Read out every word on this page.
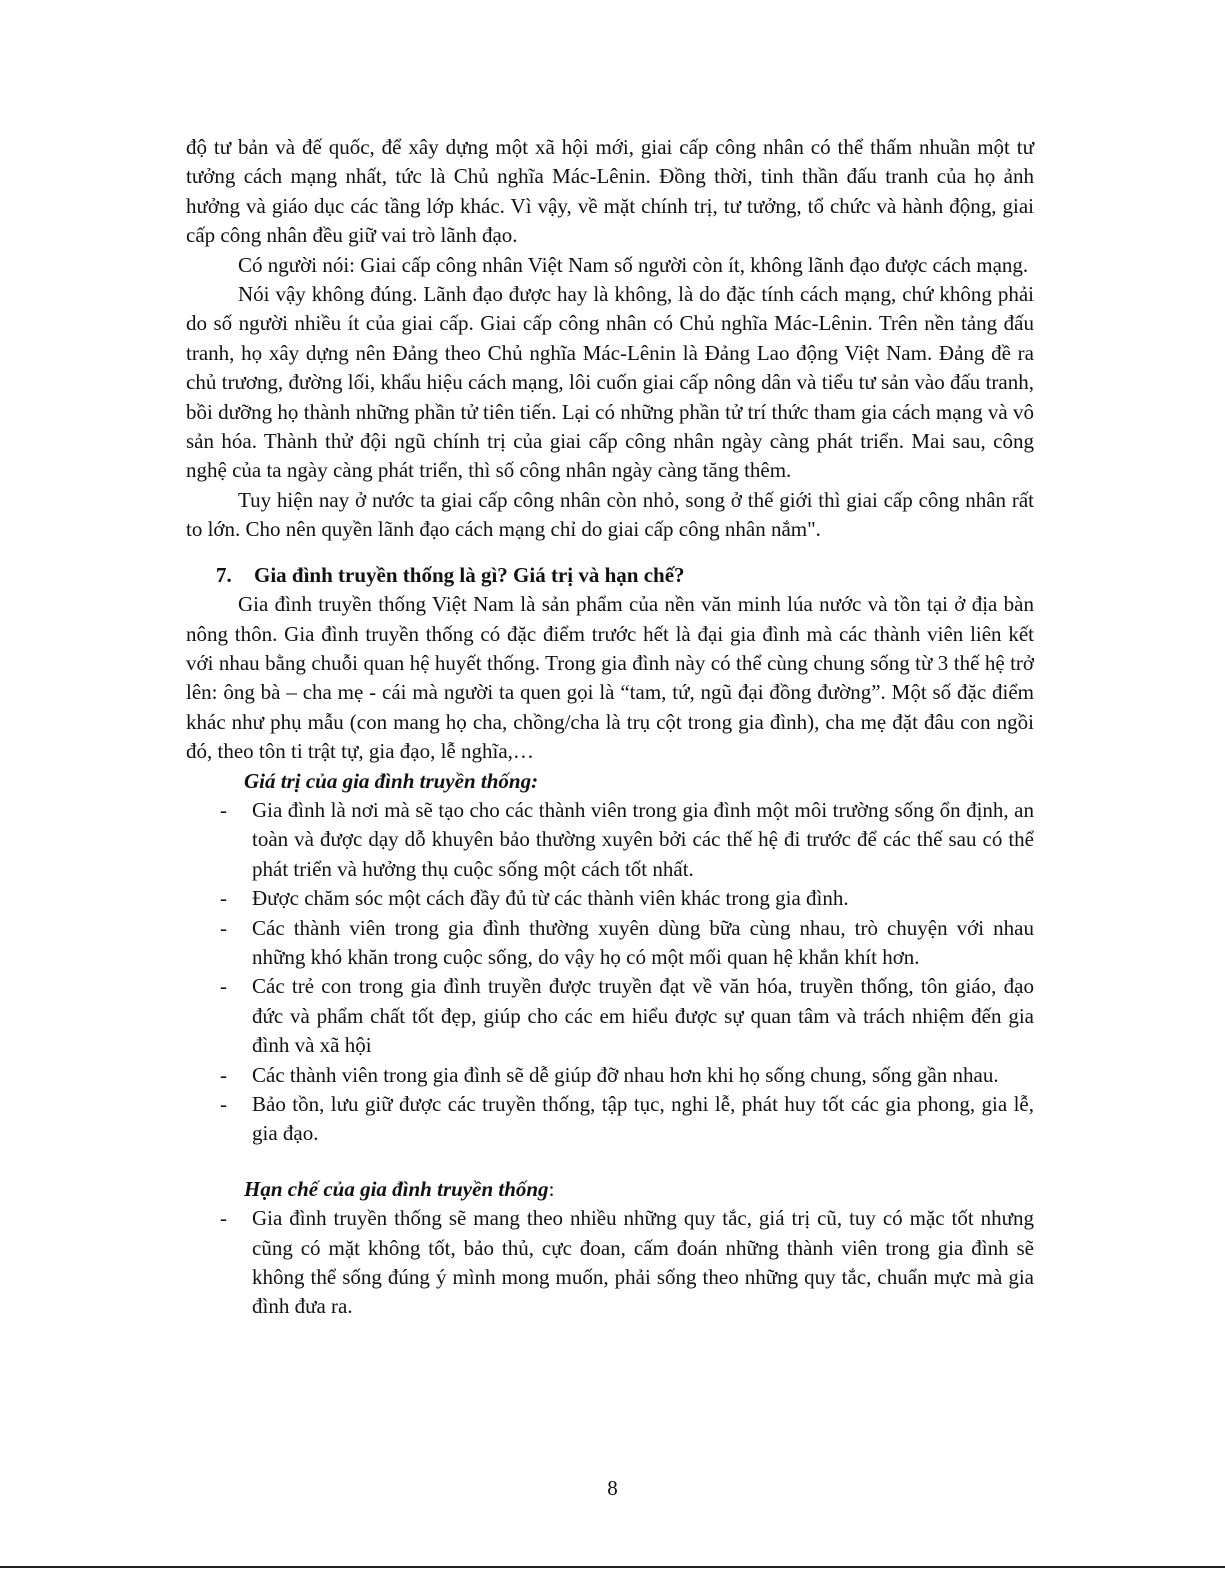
độ tư bản và đế quốc, để xây dựng một xã hội mới, giai cấp công nhân có thể thấm nhuần một tư tưởng cách mạng nhất, tức là Chủ nghĩa Mác-Lênin. Đồng thời, tinh thần đấu tranh của họ ảnh hưởng và giáo dục các tầng lớp khác. Vì vậy, về mặt chính trị, tư tưởng, tổ chức và hành động, giai cấp công nhân đều giữ vai trò lãnh đạo.

Có người nói: Giai cấp công nhân Việt Nam số người còn ít, không lãnh đạo được cách mạng.

Nói vậy không đúng. Lãnh đạo được hay là không, là do đặc tính cách mạng, chứ không phải do số người nhiều ít của giai cấp. Giai cấp công nhân có Chủ nghĩa Mác-Lênin. Trên nền tảng đấu tranh, họ xây dựng nên Đảng theo Chủ nghĩa Mác-Lênin là Đảng Lao động Việt Nam. Đảng đề ra chủ trương, đường lối, khẩu hiệu cách mạng, lôi cuốn giai cấp nông dân và tiểu tư sản vào đấu tranh, bồi dưỡng họ thành những phần tử tiên tiến. Lại có những phần tử trí thức tham gia cách mạng và vô sản hóa. Thành thử đội ngũ chính trị của giai cấp công nhân ngày càng phát triển. Mai sau, công nghệ của ta ngày càng phát triển, thì số công nhân ngày càng tăng thêm.

Tuy hiện nay ở nước ta giai cấp công nhân còn nhỏ, song ở thế giới thì giai cấp công nhân rất to lớn. Cho nên quyền lãnh đạo cách mạng chỉ do giai cấp công nhân nắm".

7. Gia đình truyền thống là gì? Giá trị và hạn chế?

Gia đình truyền thống Việt Nam là sản phẩm của nền văn minh lúa nước và tồn tại ở địa bàn nông thôn. Gia đình truyền thống có đặc điểm trước hết là đại gia đình mà các thành viên liên kết với nhau bằng chuỗi quan hệ huyết thống. Trong gia đình này có thể cùng chung sống từ 3 thế hệ trở lên: ông bà – cha mẹ - cái mà người ta quen gọi là “tam, tứ, ngũ đại đồng đường”. Một số đặc điểm khác như phụ mẫu (con mang họ cha, chồng/cha là trụ cột trong gia đình), cha mẹ đặt đâu con ngồi đó, theo tôn ti trật tự, gia đạo, lễ nghĩa,…

Giá trị của gia đình truyền thống:

- Gia đình là nơi mà sẽ tạo cho các thành viên trong gia đình một môi trường sống ổn định, an toàn và được dạy dỗ khuyên bảo thường xuyên bởi các thế hệ đi trước để các thế sau có thể phát triển và hưởng thụ cuộc sống một cách tốt nhất.
- Được chăm sóc một cách đầy đủ từ các thành viên khác trong gia đình.
- Các thành viên trong gia đình thường xuyên dùng bữa cùng nhau, trò chuyện với nhau những khó khăn trong cuộc sống, do vậy họ có một mối quan hệ khắn khít hơn.
- Các trẻ con trong gia đình truyền được truyền đạt về văn hóa, truyền thống, tôn giáo, đạo đức và phẩm chất tốt đẹp, giúp cho các em hiểu được sự quan tâm và trách nhiệm đến gia đình và xã hội
- Các thành viên trong gia đình sẽ dễ giúp đỡ nhau hơn khi họ sống chung, sống gần nhau.
- Bảo tồn, lưu giữ được các truyền thống, tập tục, nghi lễ, phát huy tốt các gia phong, gia lễ, gia đạo.

Hạn chế của gia đình truyền thống:

- Gia đình truyền thống sẽ mang theo nhiều những quy tắc, giá trị cũ, tuy có mặc tốt nhưng cũng có mặt không tốt, bảo thủ, cực đoan, cấm đoán những thành viên trong gia đình sẽ không thể sống đúng ý mình mong muốn, phải sống theo những quy tắc, chuẩn mực mà gia đình đưa ra.
8
